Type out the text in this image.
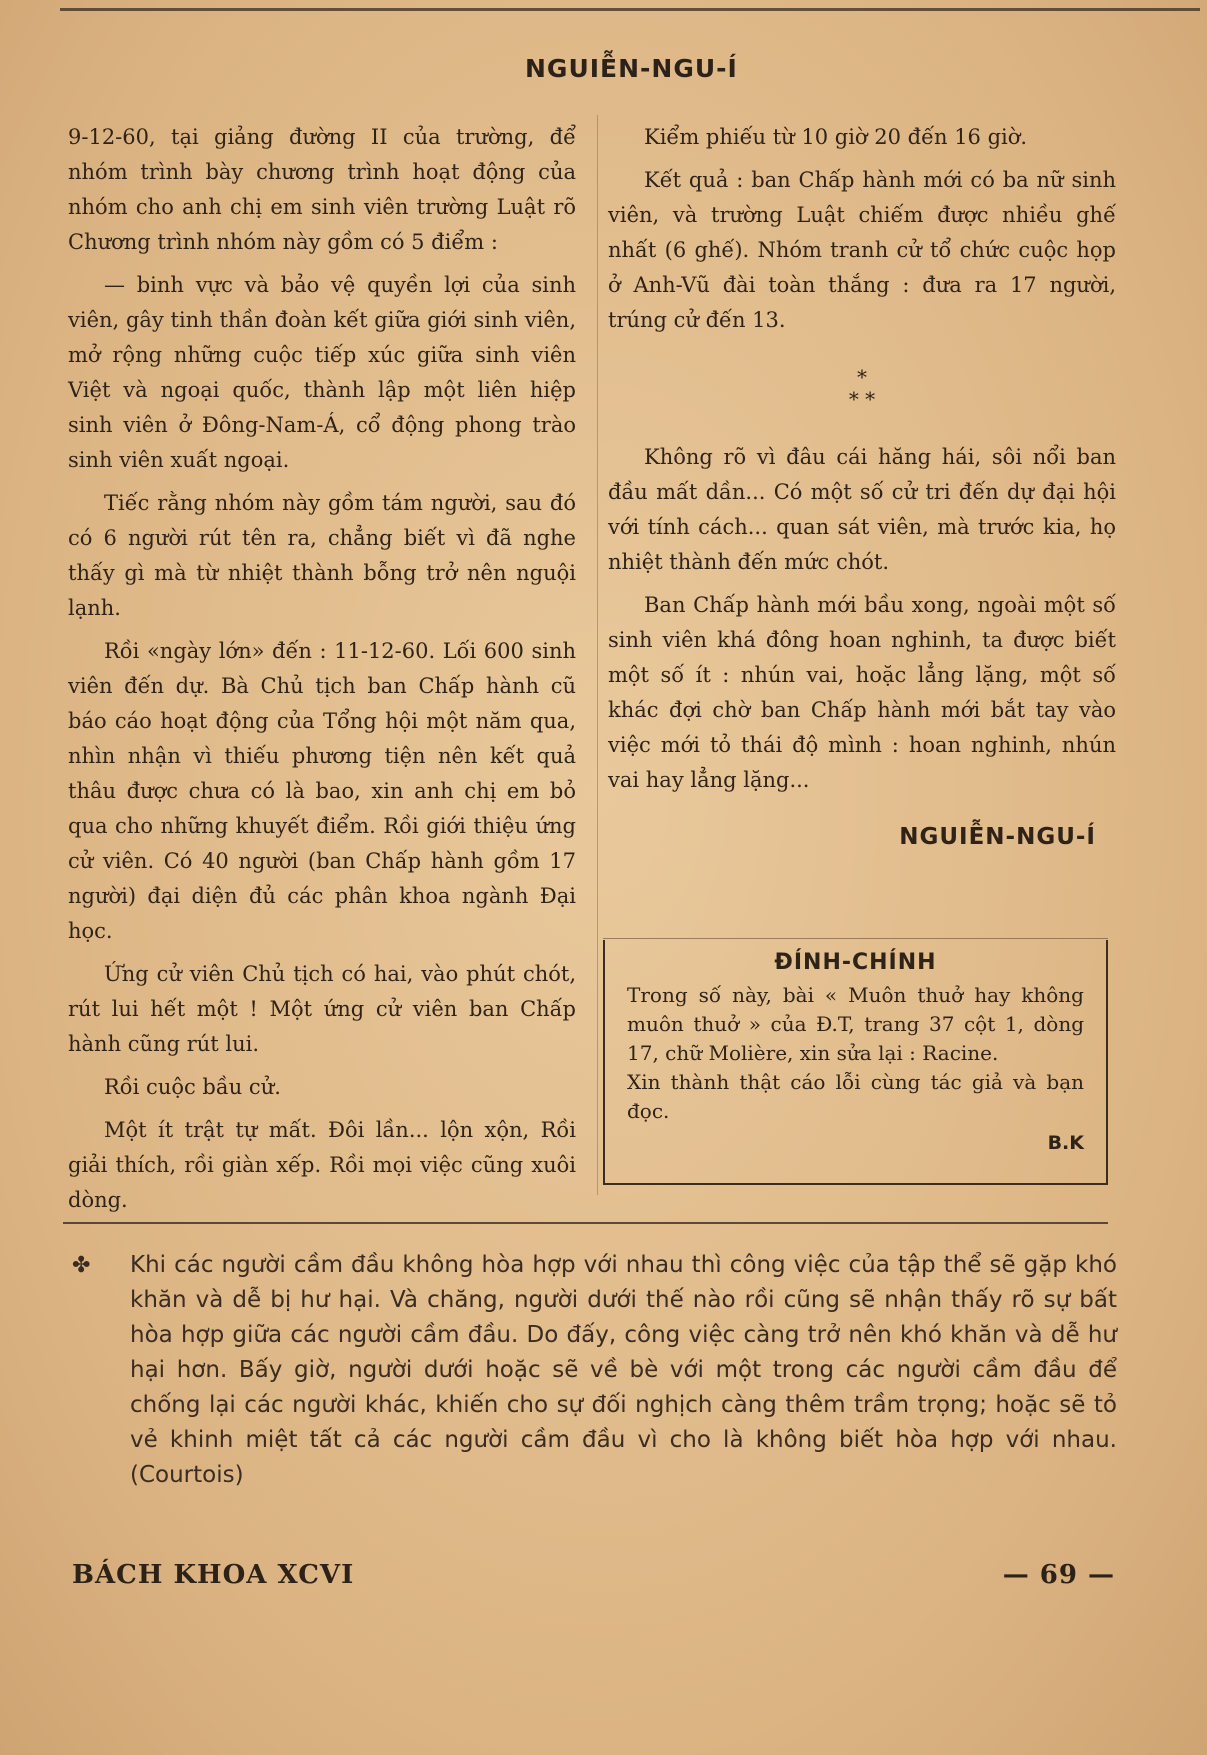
NGUIỄN-NGU-Í

9-12-60, tại giảng đường II của trường, để nhóm trình bày chương trình hoạt động của nhóm cho anh chị em sinh viên trường Luật rõ Chương trình nhóm này gồm có 5 điểm :

— binh vực và bảo vệ quyền lợi của sinh viên, gây tinh thần đoàn kết giữa giới sinh viên, mở rộng những cuộc tiếp xúc giữa sinh viên Việt và ngoại quốc, thành lập một liên hiệp sinh viên ở Đông-Nam-Á, cổ động phong trào sinh viên xuất ngoại.

Tiếc rằng nhóm này gồm tám người, sau đó có 6 người rút tên ra, chẳng biết vì đã nghe thấy gì mà từ nhiệt thành bỗng trở nên nguội lạnh.

Rồi «ngày lớn» đến : 11-12-60. Lối 600 sinh viên đến dự. Bà Chủ tịch ban Chấp hành cũ báo cáo hoạt động của Tổng hội một năm qua, nhìn nhận vì thiếu phương tiện nên kết quả thâu được chưa có là bao, xin anh chị em bỏ qua cho những khuyết điểm. Rồi giới thiệu ứng cử viên. Có 40 người (ban Chấp hành gồm 17 người) đại diện đủ các phân khoa ngành Đại học.

Ứng cử viên Chủ tịch có hai, vào phút chót, rút lui hết một ! Một ứng cử viên ban Chấp hành cũng rút lui.

Rồi cuộc bầu cử.

Một ít trật tự mất. Đôi lần... lộn xộn, Rồi giải thích, rồi giàn xếp. Rồi mọi việc cũng xuôi dòng.

Kiểm phiếu từ 10 giờ 20 đến 16 giờ.

Kết quả : ban Chấp hành mới có ba nữ sinh viên, và trường Luật chiếm được nhiều ghế nhất (6 ghế). Nhóm tranh cử tổ chức cuộc họp ở Anh-Vũ đài toàn thắng : đưa ra 17 người, trúng cử đến 13.

*
* *

Không rõ vì đâu cái hăng hái, sôi nổi ban đầu mất dần... Có một số cử tri đến dự đại hội với tính cách... quan sát viên, mà trước kia, họ nhiệt thành đến mức chót.

Ban Chấp hành mới bầu xong, ngoài một số sinh viên khá đông hoan nghinh, ta được biết một số ít : nhún vai, hoặc lẳng lặng, một số khác đợi chờ ban Chấp hành mới bắt tay vào việc mới tỏ thái độ mình : hoan nghinh, nhún vai hay lẳng lặng...

NGUIỄN-NGU-Í
ĐÍNH-CHÍNH
Trong số này, bài « Muôn thuở hay không muôn thuở » của Đ.T, trang 37 cột 1, dòng 17, chữ Molière, xin sửa lại : Racine.
Xin thành thật cáo lỗi cùng tác giả và bạn đọc.
B.K
✤	Khi các người cầm đầu không hòa hợp với nhau thì công việc của tập thể sẽ gặp khó khăn và dễ bị hư hại. Và chăng, người dưới thế nào rồi cũng sẽ nhận thấy rõ sự bất hòa hợp giữa các người cầm đầu. Do đấy, công việc càng trở nên khó khăn và dễ hư hại hơn. Bấy giờ, người dưới hoặc sẽ về bè với một trong các người cầm đầu để chống lại các người khác, khiến cho sự đối nghịch càng thêm trầm trọng; hoặc sẽ tỏ vẻ khinh miệt tất cả các người cầm đầu vì cho là không biết hòa hợp với nhau. (Courtois)
BÁCH KHOA XCVI	— 69 —
